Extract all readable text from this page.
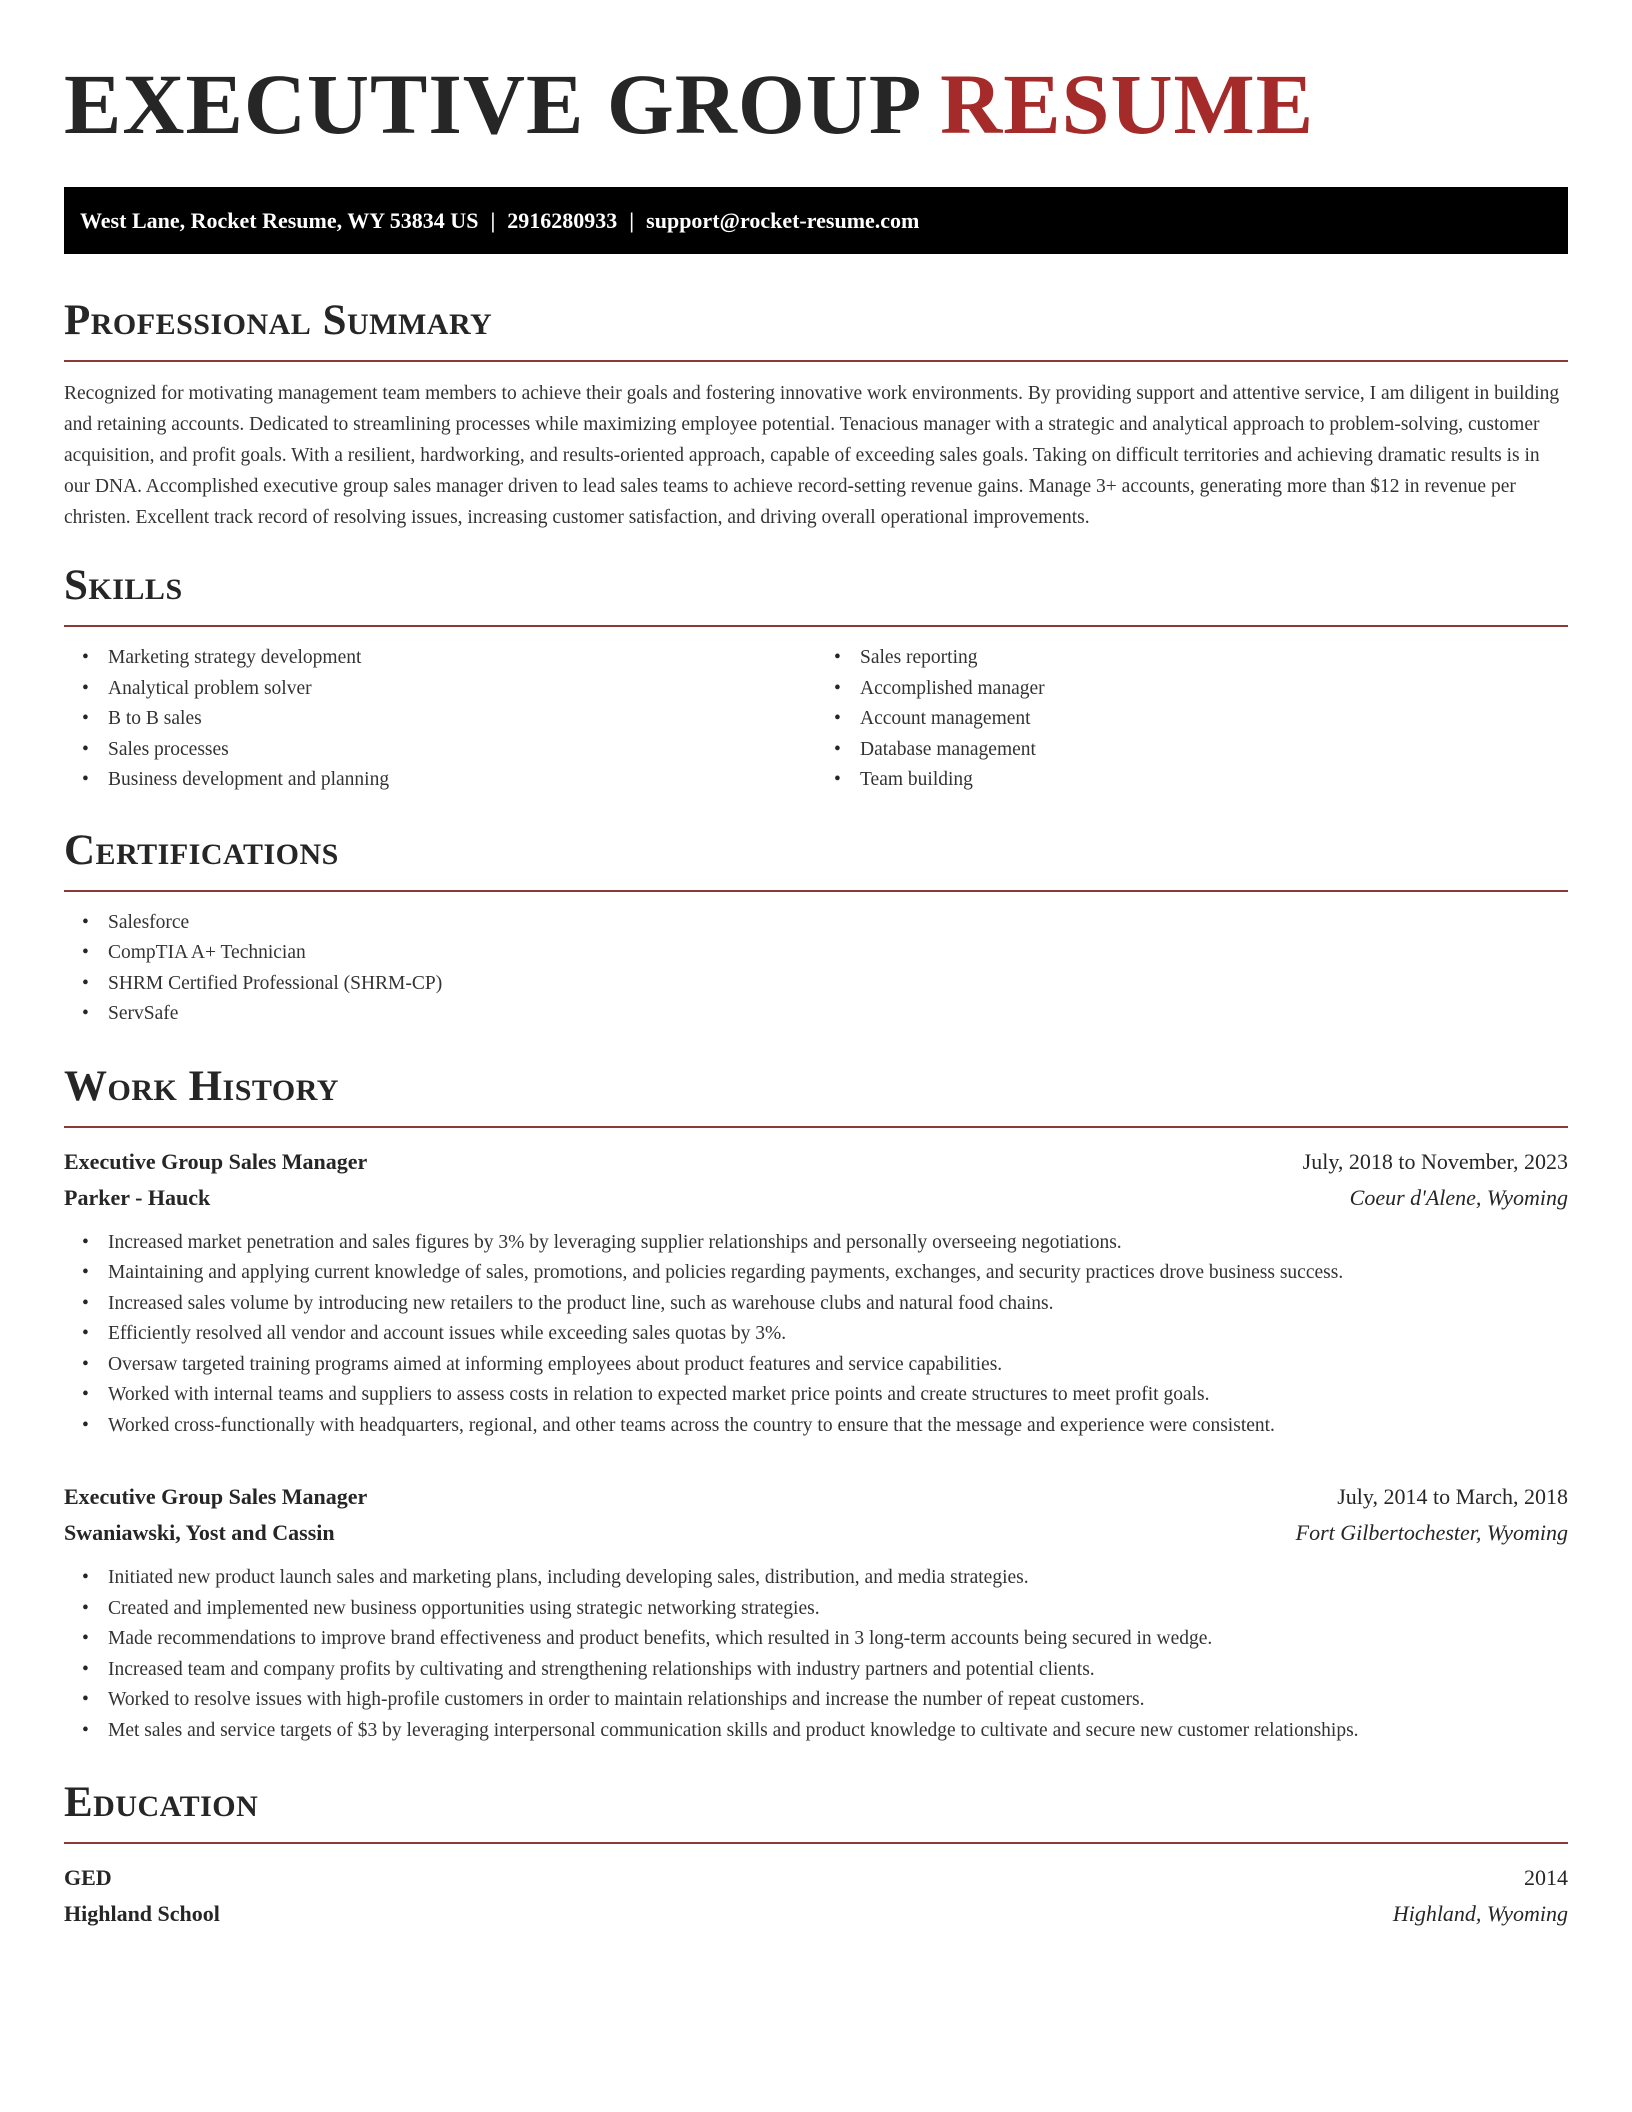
EXECUTIVE GROUP RESUME
West Lane, Rocket Resume, WY 53834 US | 2916280933 | support@rocket-resume.com
Professional Summary

Recognized for motivating management team members to achieve their goals and fostering innovative work environments. By providing support and attentive service, I am diligent in building and retaining accounts. Dedicated to streamlining processes while maximizing employee potential. Tenacious manager with a strategic and analytical approach to problem-solving, customer acquisition, and profit goals. With a resilient, hardworking, and results-oriented approach, capable of exceeding sales goals. Taking on difficult territories and achieving dramatic results is in our DNA. Accomplished executive group sales manager driven to lead sales teams to achieve record-setting revenue gains. Manage 3+ accounts, generating more than $12 in revenue per christen. Excellent track record of resolving issues, increasing customer satisfaction, and driving overall operational improvements.

Skills
• Marketing strategy development
• Analytical problem solver
• B to B sales
• Sales processes
• Business development and planning
• Sales reporting
• Accomplished manager
• Account management
• Database management
• Team building
Certifications
• Salesforce
• CompTIA A+ Technician
• SHRM Certified Professional (SHRM-CP)
• ServSafe
Work History
Executive Group Sales Manager	July, 2018 to November, 2023
Parker - Hauck	Coeur d'Alene, Wyoming
• Increased market penetration and sales figures by 3% by leveraging supplier relationships and personally overseeing negotiations.
• Maintaining and applying current knowledge of sales, promotions, and policies regarding payments, exchanges, and security practices drove business success.
• Increased sales volume by introducing new retailers to the product line, such as warehouse clubs and natural food chains.
• Efficiently resolved all vendor and account issues while exceeding sales quotas by 3%.
• Oversaw targeted training programs aimed at informing employees about product features and service capabilities.
• Worked with internal teams and suppliers to assess costs in relation to expected market price points and create structures to meet profit goals.
• Worked cross-functionally with headquarters, regional, and other teams across the country to ensure that the message and experience were consistent.
Executive Group Sales Manager	July, 2014 to March, 2018
Swaniawski, Yost and Cassin	Fort Gilbertochester, Wyoming
• Initiated new product launch sales and marketing plans, including developing sales, distribution, and media strategies.
• Created and implemented new business opportunities using strategic networking strategies.
• Made recommendations to improve brand effectiveness and product benefits, which resulted in 3 long-term accounts being secured in wedge.
• Increased team and company profits by cultivating and strengthening relationships with industry partners and potential clients.
• Worked to resolve issues with high-profile customers in order to maintain relationships and increase the number of repeat customers.
• Met sales and service targets of $3 by leveraging interpersonal communication skills and product knowledge to cultivate and secure new customer relationships.
Education
GED	2014
Highland School	Highland, Wyoming
